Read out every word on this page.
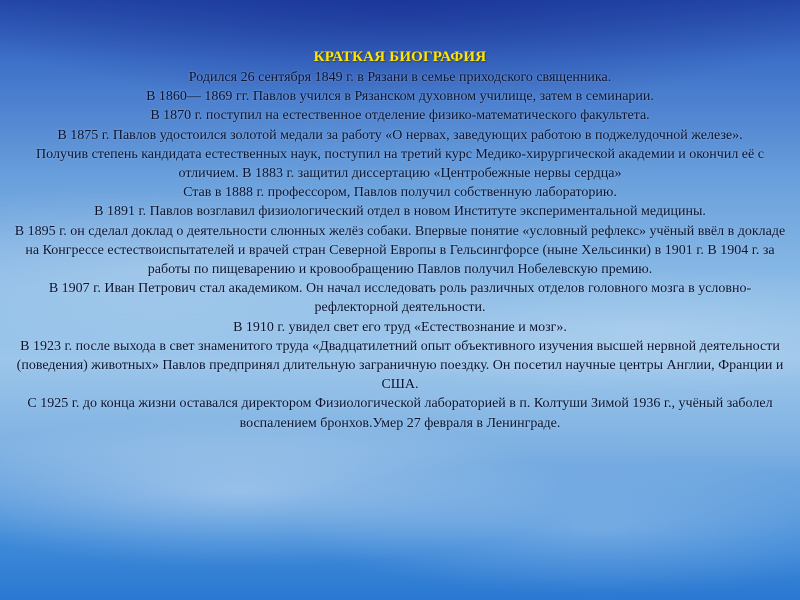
КРАТКАЯ БИОГРАФИЯ

Родился 26 сентября 1849 г. в Рязани в семье приходского священника.

В 1860— 1869 гг. Павлов учился в Рязанском духовном училище, затем в семинарии.

В 1870 г. поступил на естественное отделение физико-математического факультета.

В 1875 г. Павлов удостоился золотой медали за работу «О нервах, заведующих работою в поджелудочной железе».

Получив степень кандидата естественных наук, поступил на третий курс Медико-хирургической академии и окончил её с отличием. В 1883 г. защитил диссертацию «Центробежные нервы сердца»

Став в 1888 г. профессором, Павлов получил собственную лабораторию.

В 1891 г. Павлов возглавил физиологический отдел в новом Институте экспериментальной медицины.

В 1895 г. он сделал доклад о деятельности слюнных желёз собаки. Впервые понятие «условный рефлекс» учёный ввёл в докладе на Конгрессе естествоиспытателей и врачей стран Северной Европы в Гельсингфорсе (ныне Хельсинки) в 1901 г. В 1904 г. за работы по пищеварению и кровообращению Павлов получил Нобелевскую премию.

В 1907 г. Иван Петрович стал академиком. Он начал исследовать роль различных отделов головного мозга в условно-рефлекторной деятельности.

В 1910 г. увидел свет его труд «Естествознание и мозг».

В 1923 г. после выхода в свет знаменитого труда «Двадцатилетний опыт объективного изучения высшей нервной деятельности (поведения) животных» Павлов предпринял длительную заграничную поездку. Он посетил научные центры Англии, Франции и США.

С 1925 г. до конца жизни оставался директором Физиологической лабораторией в п. Колтуши Зимой 1936 г., учёный заболел воспалением бронхов.Умер 27 февраля в Ленинграде.
